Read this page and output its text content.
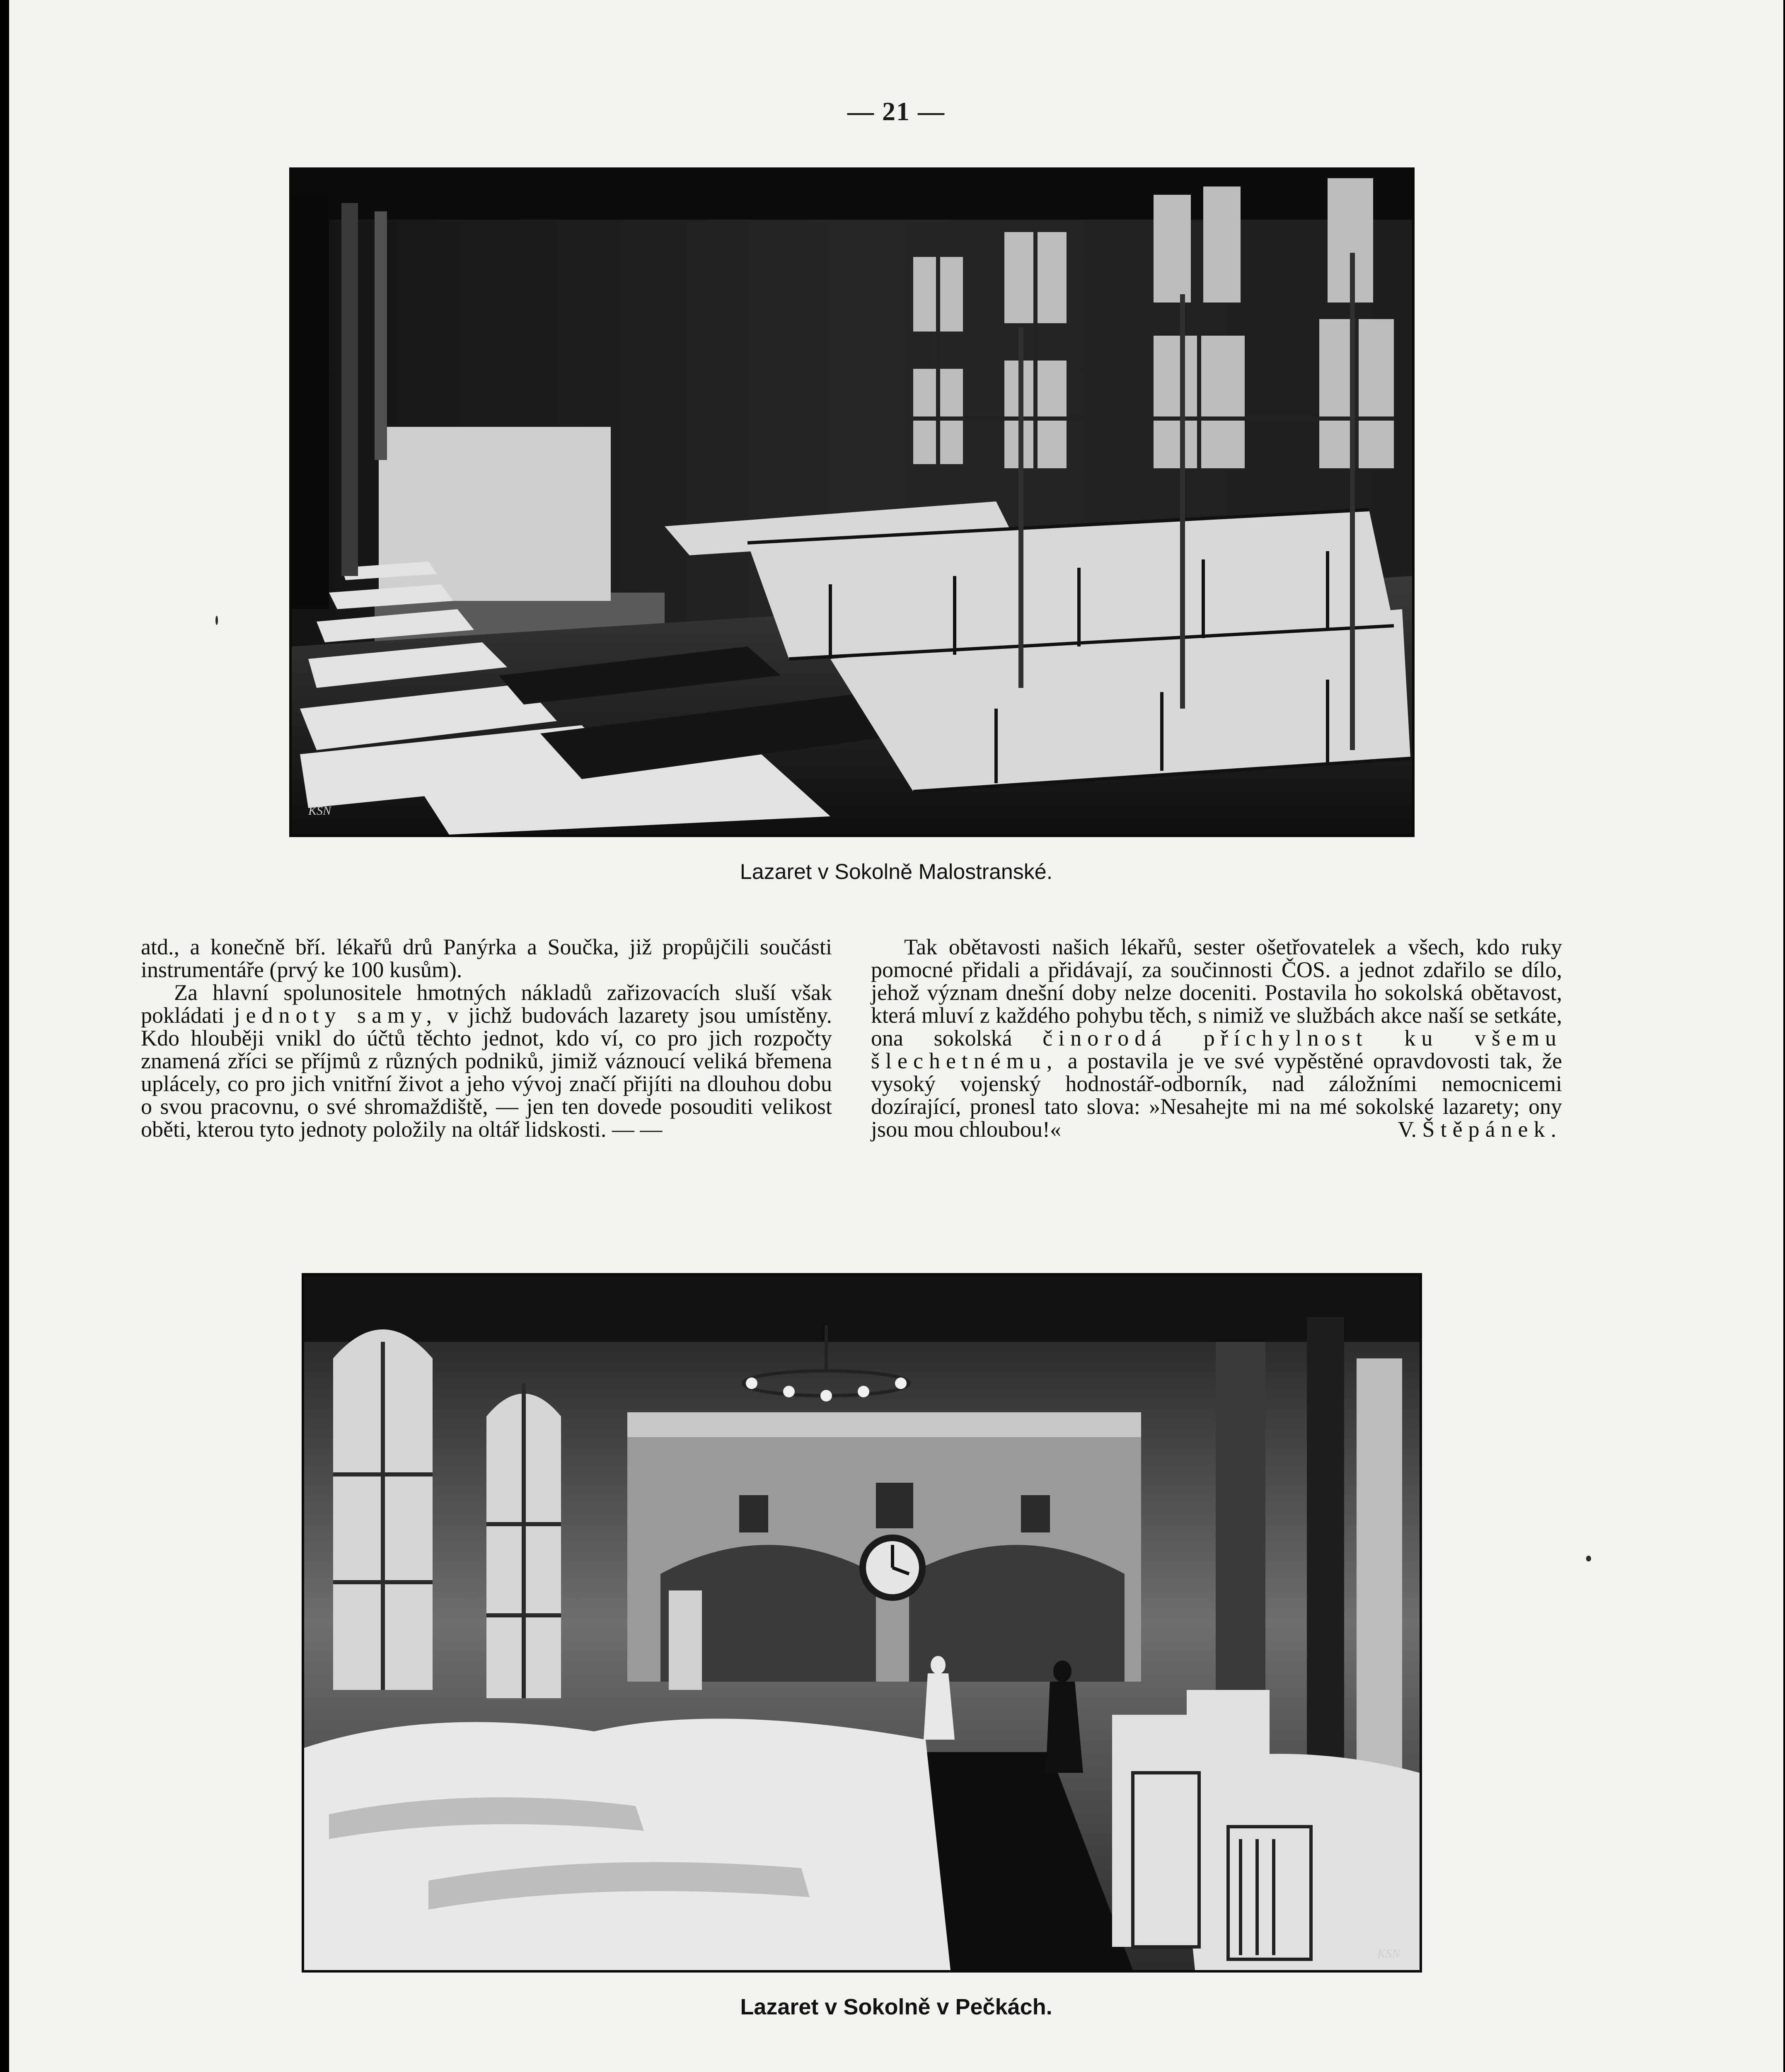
— 21 —
KSN
Lazaret v Sokolně Malostranské.

atd., a konečně bří. lékařů drů Panýrka a Součka, již propůjčili součásti instrumentáře (prvý ke 100 kusům).

Za hlavní spolunositele hmotných nákladů zařizovacích sluší však pokládati jednoty samy, v jichž budovách lazarety jsou umístěny. Kdo hlouběji vnikl do účtů těchto jednot, kdo ví, co pro jich rozpočty znamená zříci se příjmů z různých podniků, jimiž váznoucí veliká břemena uplácely, co pro jich vnitřní život a jeho vývoj značí přijíti na dlouhou dobu o svou pracovnu, o své shromaždiště, — jen ten dovede posouditi velikost oběti, kterou tyto jednoty položily na oltář lidskosti. — —

Tak obětavosti našich lékařů, sester ošetřovatelek a všech, kdo ruky pomocné přidali a přidávají, za součinnosti ČOS. a jednot zdařilo se dílo, jehož význam dnešní doby nelze doceniti. Postavila ho sokolská obětavost, která mluví z každého pohybu těch, s nimiž ve službách akce naší se setkáte, ona sokolská činorodá příchylnost ku všemu šlechetnému, a postavila je ve své vypěstěné opravdovosti tak, že vysoký vojenský hodnostář-odborník, nad záložními nemocnicemi dozírající, pronesl tato slova: »Nesahejte mi na mé sokolské lazarety; ony jsou mou chloubou!«	V. Štěpánek.
KSN
Lazaret v Sokolně v Pečkách.
